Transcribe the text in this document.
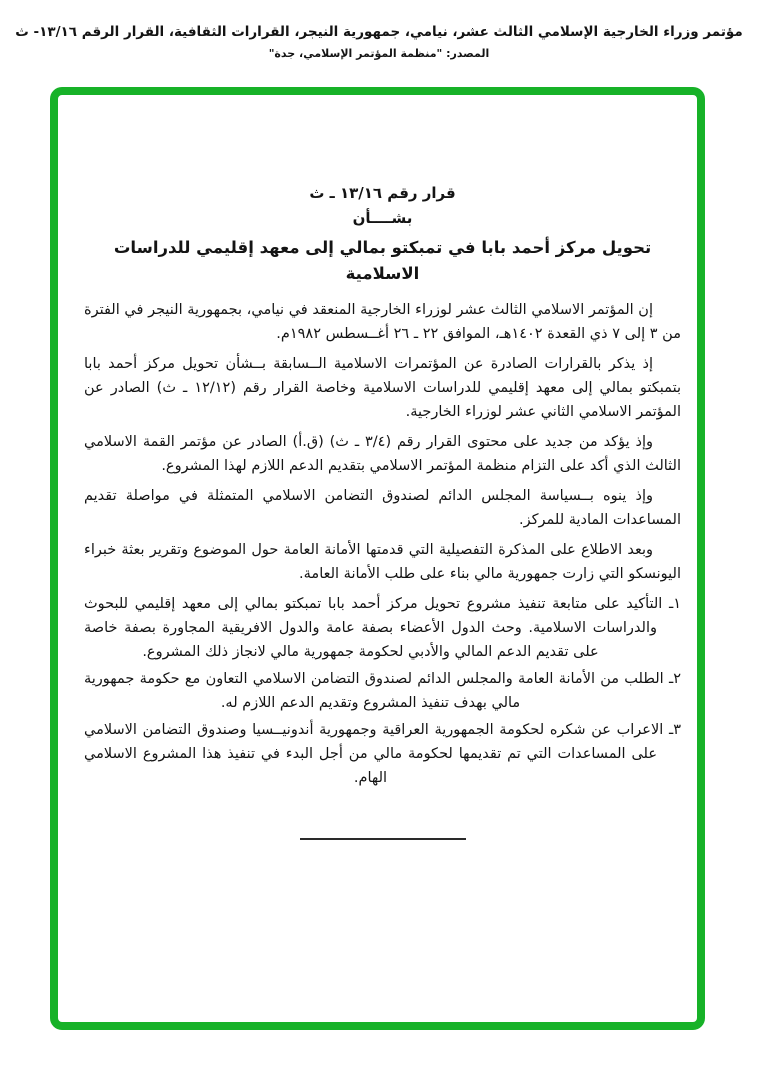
مؤتمر وزراء الخارجية الإسلامي الثالث عشر، نيامي، جمهورية النيجر، القرارات الثقافية، القرار الرقم ١٣/١٦- ث
المصدر: "منظمة المؤتمر الإسلامي، جدة"
قرار رقم ١٣/١٦ ـ ث
بشــــأن
تحويل مركز أحمد بابا في تمبكتو بمالي إلى معهد إقليمي للدراسات الاسلامية

إن المؤتمر الاسلامي الثالث عشر لوزراء الخارجية المنعقد في نيامي، بجمهورية النيجر في الفترة من ٣ إلى ٧ ذي القعدة ١٤٠٢هـ، الموافق ٢٢ ـ ٢٦ أغــسطس ١٩٨٢م.

إذ يذكر بالقرارات الصادرة عن المؤتمرات الاسلامية الــسابقة بــشأن تحويل مركز أحمد بابا بتمبكتو بمالي إلى معهد إقليمي للدراسات الاسلامية وخاصة القرار رقم (١٢/١٢ ـ ث) الصادر عن المؤتمر الاسلامي الثاني عشر لوزراء الخارجية.

وإذ يؤكد من جديد على محتوى القرار رقم (٣/٤ ـ ث) (ق.أ) الصادر عن مؤتمر القمة الاسلامي الثالث الذي أكد على التزام منظمة المؤتمر الاسلامي بتقديم الدعم اللازم لهذا المشروع.

وإذ ينوه بــسياسة المجلس الدائم لصندوق التضامن الاسلامي المتمثلة في مواصلة تقديم المساعدات المادية للمركز.

وبعد الاطلاع على المذكرة التفصيلية التي قدمتها الأمانة العامة حول الموضوع وتقرير بعثة خبراء اليونسكو التي زارت جمهورية مالي بناء على طلب الأمانة العامة.

١ـ التأكيد على متابعة تنفيذ مشروع تحويل مركز أحمد بابا تمبكتو بمالي إلى معهد إقليمي للبحوث والدراسات الاسلامية. وحث الدول الأعضاء بصفة عامة والدول الافريقية المجاورة بصفة خاصة على تقديم الدعم المالي والأدبي لحكومة جمهورية مالي لانجاز ذلك المشروع.
٢ـ الطلب من الأمانة العامة والمجلس الدائم لصندوق التضامن الاسلامي التعاون مع حكومة جمهورية مالي بهدف تنفيذ المشروع وتقديم الدعم اللازم له.
٣ـ الاعراب عن شكره لحكومة الجمهورية العراقية وجمهورية أندونيــسيا وصندوق التضامن الاسلامي على المساعدات التي تم تقديمها لحكومة مالي من أجل البدء في تنفيذ هذا المشروع الاسلامي الهام.
